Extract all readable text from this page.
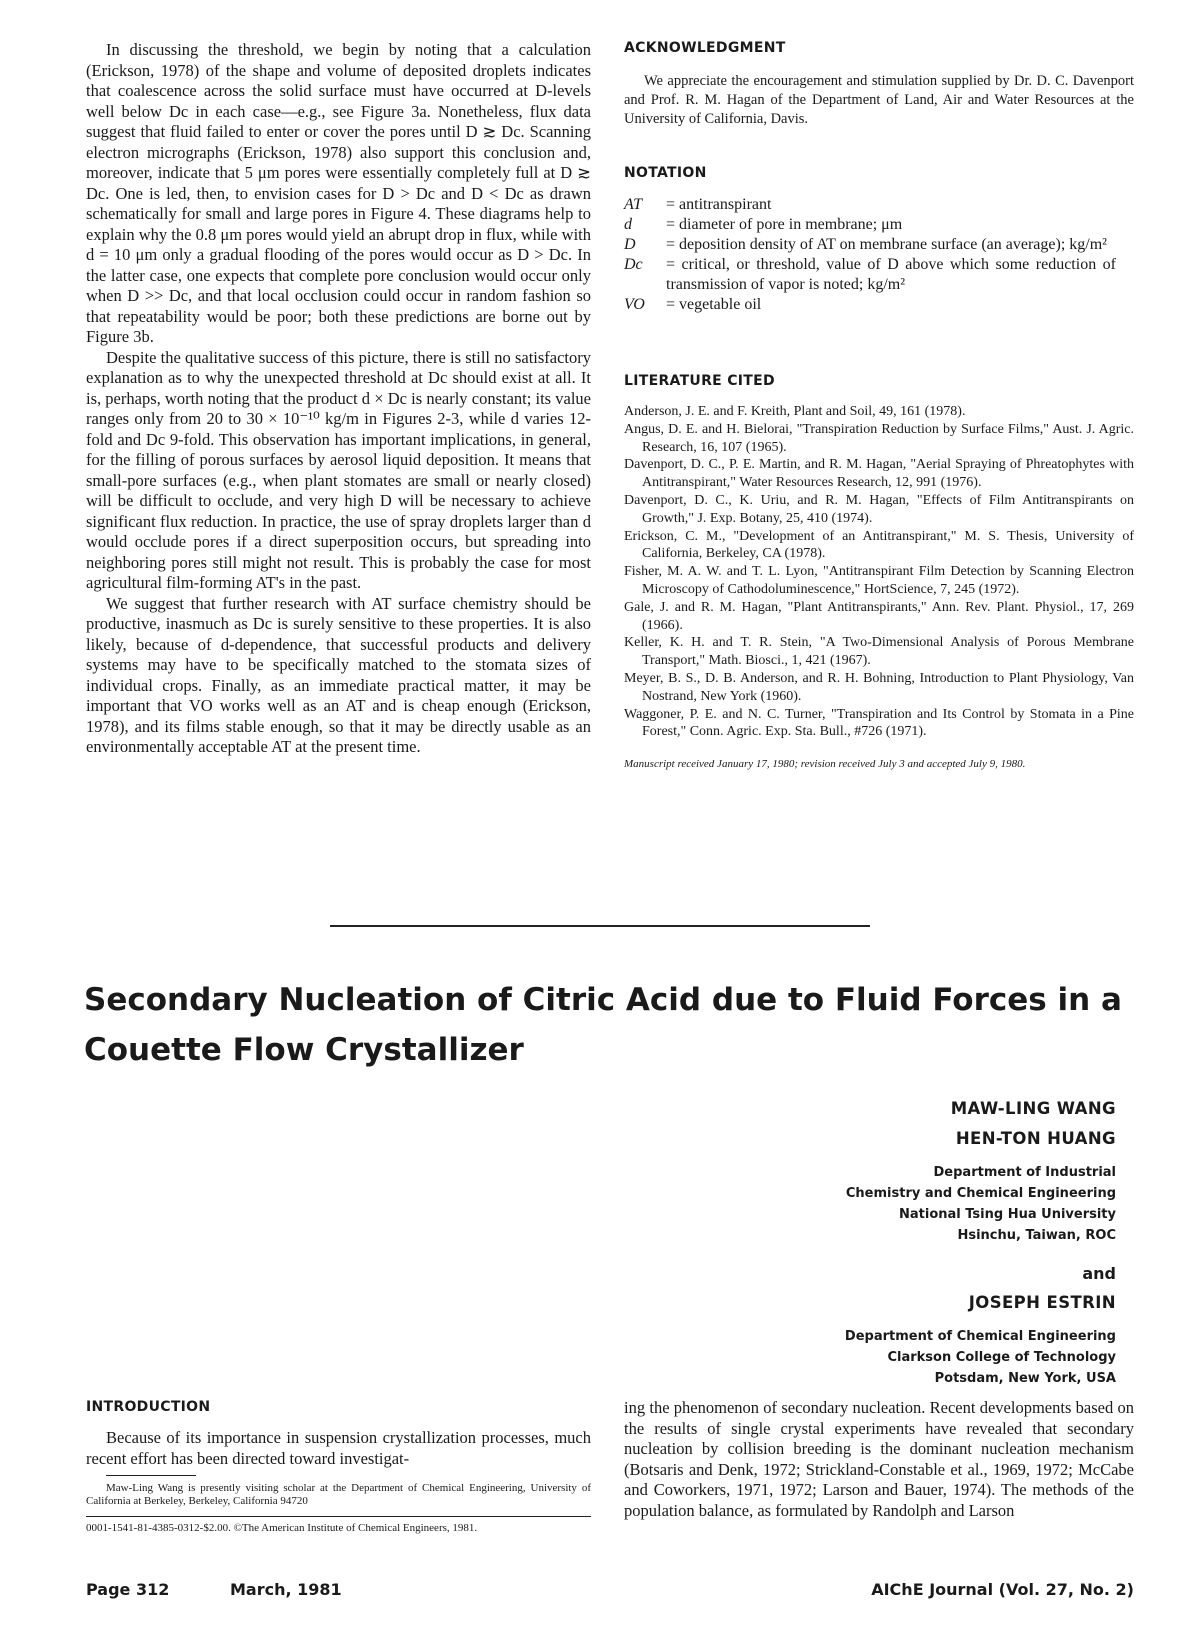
In discussing the threshold, we begin by noting that a calculation (Erickson, 1978) of the shape and volume of deposited droplets indicates that coalescence across the solid surface must have occurred at D-levels well below Dc in each case—e.g., see Figure 3a. Nonetheless, flux data suggest that fluid failed to enter or cover the pores until D ≳ Dc. Scanning electron micrographs (Erickson, 1978) also support this conclusion and, moreover, indicate that 5 μm pores were essentially completely full at D ≳ Dc. One is led, then, to envision cases for D > Dc and D < Dc as drawn schematically for small and large pores in Figure 4. These diagrams help to explain why the 0.8 μm pores would yield an abrupt drop in flux, while with d = 10 μm only a gradual flooding of the pores would occur as D > Dc. In the latter case, one expects that complete pore conclusion would occur only when D >> Dc, and that local occlusion could occur in random fashion so that repeatability would be poor; both these predictions are borne out by Figure 3b.

Despite the qualitative success of this picture, there is still no satisfactory explanation as to why the unexpected threshold at Dc should exist at all. It is, perhaps, worth noting that the product d × Dc is nearly constant; its value ranges only from 20 to 30 × 10⁻¹⁰ kg/m in Figures 2-3, while d varies 12-fold and Dc 9-fold. This observation has important implications, in general, for the filling of porous surfaces by aerosol liquid deposition. It means that small-pore surfaces (e.g., when plant stomates are small or nearly closed) will be difficult to occlude, and very high D will be necessary to achieve significant flux reduction. In practice, the use of spray droplets larger than d would occlude pores if a direct superposition occurs, but spreading into neighboring pores still might not result. This is probably the case for most agricultural film-forming AT's in the past.

We suggest that further research with AT surface chemistry should be productive, inasmuch as Dc is surely sensitive to these properties. It is also likely, because of d-dependence, that successful products and delivery systems may have to be specifically matched to the stomata sizes of individual crops. Finally, as an immediate practical matter, it may be important that VO works well as an AT and is cheap enough (Erickson, 1978), and its films stable enough, so that it may be directly usable as an environmentally acceptable AT at the present time.

ACKNOWLEDGMENT

We appreciate the encouragement and stimulation supplied by Dr. D. C. Davenport and Prof. R. M. Hagan of the Department of Land, Air and Water Resources at the University of California, Davis.

NOTATION
AT	= antitranspirant
d	= diameter of pore in membrane; μm
D	= deposition density of AT on membrane surface (an average); kg/m²
Dc	= critical, or threshold, value of D above which some reduction of transmission of vapor is noted; kg/m²
VO	= vegetable oil
LITERATURE CITED
Anderson, J. E. and F. Kreith, Plant and Soil, 49, 161 (1978).
Angus, D. E. and H. Bielorai, "Transpiration Reduction by Surface Films," Aust. J. Agric. Research, 16, 107 (1965).
Davenport, D. C., P. E. Martin, and R. M. Hagan, "Aerial Spraying of Phreatophytes with Antitranspirant," Water Resources Research, 12, 991 (1976).
Davenport, D. C., K. Uriu, and R. M. Hagan, "Effects of Film Antitranspirants on Growth," J. Exp. Botany, 25, 410 (1974).
Erickson, C. M., "Development of an Antitranspirant," M. S. Thesis, University of California, Berkeley, CA (1978).
Fisher, M. A. W. and T. L. Lyon, "Antitranspirant Film Detection by Scanning Electron Microscopy of Cathodoluminescence," HortScience, 7, 245 (1972).
Gale, J. and R. M. Hagan, "Plant Antitranspirants," Ann. Rev. Plant. Physiol., 17, 269 (1966).
Keller, K. H. and T. R. Stein, "A Two-Dimensional Analysis of Porous Membrane Transport," Math. Biosci., 1, 421 (1967).
Meyer, B. S., D. B. Anderson, and R. H. Bohning, Introduction to Plant Physiology, Van Nostrand, New York (1960).
Waggoner, P. E. and N. C. Turner, "Transpiration and Its Control by Stomata in a Pine Forest," Conn. Agric. Exp. Sta. Bull., #726 (1971).
Manuscript received January 17, 1980; revision received July 3 and accepted July 9, 1980.
Secondary Nucleation of Citric Acid due to Fluid Forces in a Couette Flow Crystallizer
MAW-LING WANG
HEN-TON HUANG
Department of Industrial
Chemistry and Chemical Engineering
National Tsing Hua University
Hsinchu, Taiwan, ROC
and
JOSEPH ESTRIN
Department of Chemical Engineering
Clarkson College of Technology
Potsdam, New York, USA
INTRODUCTION

Because of its importance in suspension crystallization processes, much recent effort has been directed toward investigat-

Maw-Ling Wang is presently visiting scholar at the Department of Chemical Engineering, University of California at Berkeley, Berkeley, California 94720
0001-1541-81-4385-0312-$2.00. ©The American Institute of Chemical Engineers, 1981.

ing the phenomenon of secondary nucleation. Recent developments based on the results of single crystal experiments have revealed that secondary nucleation by collision breeding is the dominant nucleation mechanism (Botsaris and Denk, 1972; Strickland-Constable et al., 1969, 1972; McCabe and Coworkers, 1971, 1972; Larson and Bauer, 1974). The methods of the population balance, as formulated by Randolph and Larson

Page 312	March, 1981	AIChE Journal (Vol. 27, No. 2)
